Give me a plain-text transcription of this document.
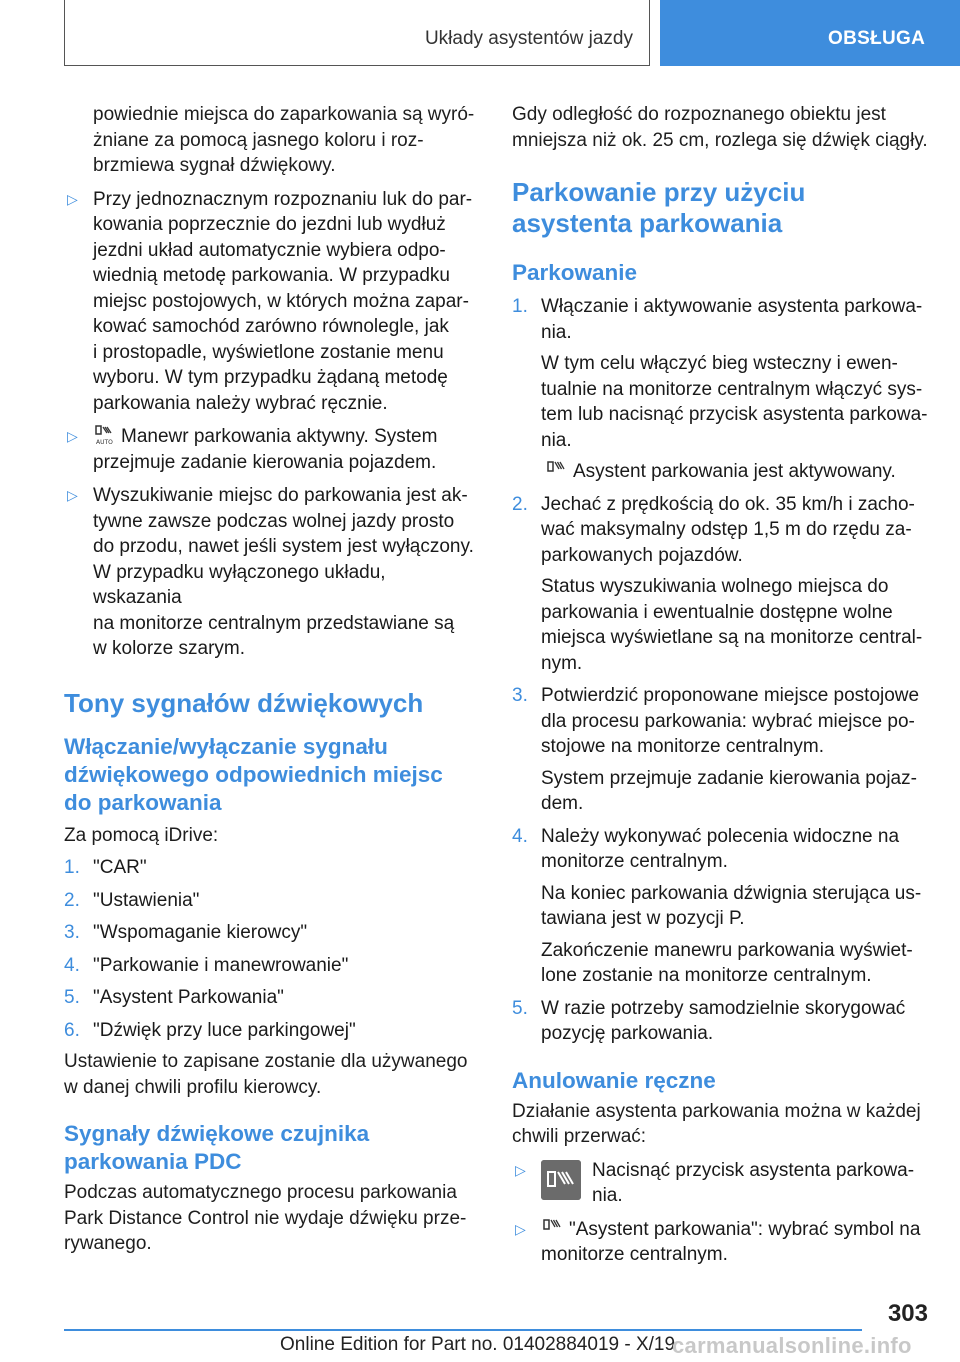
Układy asystentów jazdy	OBSŁUGA

powiednie miejsca do zaparkowania są wyró-
żniane za pomocą jasnego koloru i roz-
brzmiewa sygnał dźwiękowy.

▷ Przy jednoznacznym rozpoznaniu luk do par-
kowania poprzecznie do jezdni lub wydłuż
jezdni układ automatycznie wybiera odpo-
wiednią metodę parkowania. W przypadku
miejsc postojowych, w których można zapar-
kować samochód zarówno równolegle, jak
i prostopadle, wyświetlone zostanie menu
wyboru. W tym przypadku żądaną metodę
parkowania należy wybrać ręcznie.
▷	AUTO Manewr parkowania aktywny. System
przejmuje zadanie kierowania pojazdem.
▷ Wyszukiwanie miejsc do parkowania jest ak-
tywne zawsze podczas wolnej jazdy prosto
do przodu, nawet jeśli system jest wyłączony.
W przypadku wyłączonego układu, wskazania
na monitorze centralnym przedstawiane są
w kolorze szarym.
Tony sygnałów dźwiękowych
Włączanie/wyłączanie sygnału
dźwiękowego odpowiednich miejsc
do parkowania

Za pomocą iDrive:

1. "CAR"
2. "Ustawienia"
3. "Wspomaganie kierowcy"
4. "Parkowanie i manewrowanie"
5. "Asystent Parkowania"
6. "Dźwięk przy luce parkingowej"

Ustawienie to zapisane zostanie dla używanego
w danej chwili profilu kierowcy.

Sygnały dźwiękowe czujnika
parkowania PDC

Podczas automatycznego procesu parkowania
Park Distance Control nie wydaje dźwięku prze-
rywanego.

Gdy odległość do rozpoznanego obiektu jest
mniejsza niż ok. 25 cm, rozlega się dźwięk ciągły.

Parkowanie przy użyciu
asystenta parkowania
Parkowanie
1. Włączanie i aktywowanie asystenta parkowa-
nia.
W tym celu włączyć bieg wsteczny i ewen-
tualnie na monitorze centralnym włączyć sys-
tem lub nacisnąć przycisk asystenta parkowa-
nia.
Asystent parkowania jest aktywowany.
2. Jechać z prędkością do ok. 35 km/h i zacho-
wać maksymalny odstęp 1,5 m do rzędu za-
parkowanych pojazdów.
Status wyszukiwania wolnego miejsca do
parkowania i ewentualnie dostępne wolne
miejsca wyświetlane są na monitorze central-
nym.
3. Potwierdzić proponowane miejsce postojowe
dla procesu parkowania: wybrać miejsce po-
stojowe na monitorze centralnym.
System przejmuje zadanie kierowania pojaz-
dem.
4. Należy wykonywać polecenia widoczne na
monitorze centralnym.
Na koniec parkowania dźwignia sterująca us-
tawiana jest w pozycji P.
Zakończenie manewru parkowania wyświet-
lone zostanie na monitorze centralnym.
5. W razie potrzeby samodzielnie skorygować
pozycję parkowania.
Anulowanie ręczne

Działanie asystenta parkowania można w każdej
chwili przerwać:

▷	Nacisnąć przycisk asystenta parkowa-
nia.
▷ "Asystent parkowania": wybrać symbol na
monitorze centralnym.
303
Online Edition for Part no. 01402884019 - X/19
carmanualsonline.info
